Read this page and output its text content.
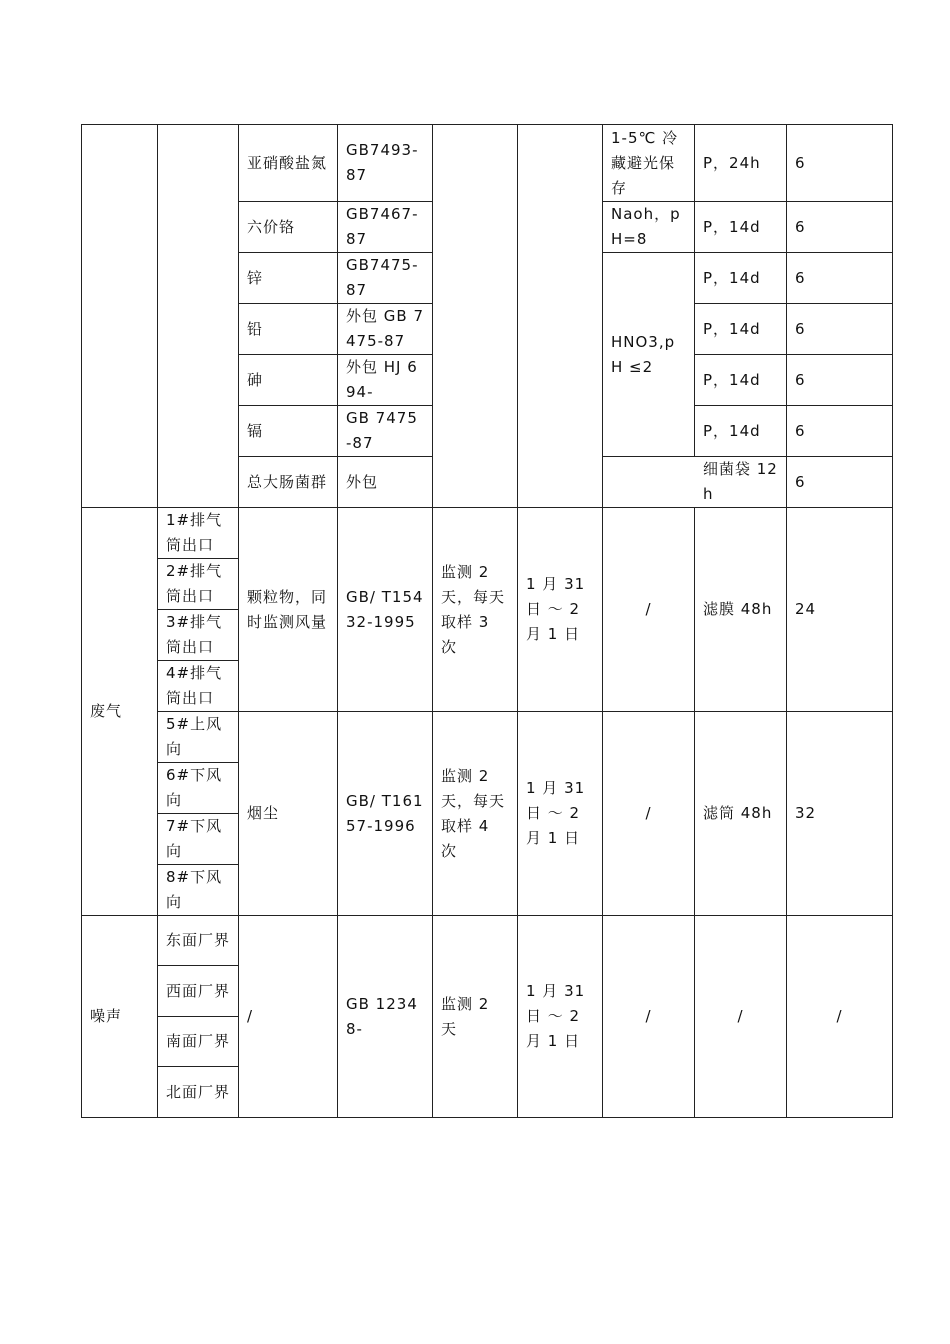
		亚硝酸盐氮	GB7493-87			1-5℃ 冷藏避光保存	P，24h	6
		六价铬	GB7467-87			Naoh，pH=8	P，14d	6
		锌	GB7475-87			HNO3,pH ≤2	P，14d	6
		铅	外包 GB 7475-87				P，14d	6
		砷	外包 HJ 694-				P，14d	6
		镉	GB 7475-87				P，14d	6
		总大肠菌群	外包			细菌袋 12h		6
废气	1#排气筒出口	颗粒物，同时监测风量	GB/ T15432-1995	监测 2 天，每天取样 3 次	1 月 31 日 ～ 2 月 1 日	/	滤膜 48h	24
	2#排气筒出口							
	3#排气筒出口							
	4#排气筒出口							
	5#上风向	烟尘	GB/ T16157-1996	监测 2 天，每天取样 4 次	1 月 31 日 ～ 2 月 1 日	/	滤筒 48h	32
	6#下风向							
	7#下风向							
	8#下风向							
噪声	东面厂界	/	GB 12348-	监测 2 天	1 月 31 日 ～ 2 月 1 日	/	/	/
	西面厂界							
	南面厂界							
	北面厂界							
